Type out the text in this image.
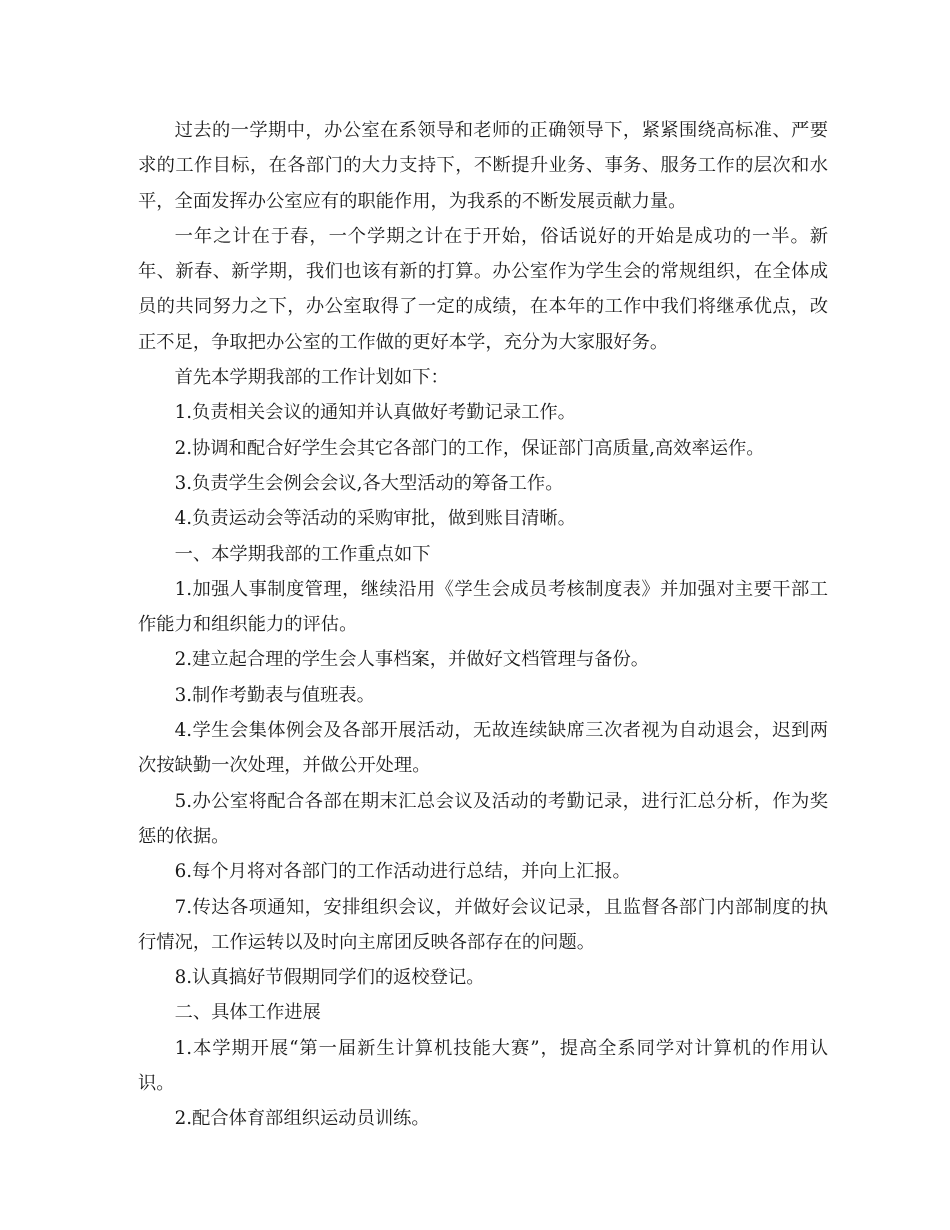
过去的一学期中，办公室在系领导和老师的正确领导下，紧紧围绕高标准、严要求的工作目标，在各部门的大力支持下，不断提升业务、事务、服务工作的层次和水平，全面发挥办公室应有的职能作用，为我系的不断发展贡献力量。

一年之计在于春，一个学期之计在于开始，俗话说好的开始是成功的一半。新年、新春、新学期，我们也该有新的打算。办公室作为学生会的常规组织，在全体成员的共同努力之下，办公室取得了一定的成绩，在本年的工作中我们将继承优点，改正不足，争取把办公室的工作做的更好本学，充分为大家服好务。

首先本学期我部的工作计划如下：

1.负责相关会议的通知并认真做好考勤记录工作。

2.协调和配合好学生会其它各部门的工作，保证部门高质量,高效率运作。

3.负责学生会例会会议,各大型活动的筹备工作。

4.负责运动会等活动的采购审批，做到账目清晰。

一、本学期我部的工作重点如下

1.加强人事制度管理，继续沿用《学生会成员考核制度表》并加强对主要干部工作能力和组织能力的评估。

2.建立起合理的学生会人事档案，并做好文档管理与备份。

3.制作考勤表与值班表。

4.学生会集体例会及各部开展活动，无故连续缺席三次者视为自动退会，迟到两次按缺勤一次处理，并做公开处理。

5.办公室将配合各部在期末汇总会议及活动的考勤记录，进行汇总分析，作为奖惩的依据。

6.每个月将对各部门的工作活动进行总结，并向上汇报。

7.传达各项通知，安排组织会议，并做好会议记录，且监督各部门内部制度的执行情况，工作运转以及时向主席团反映各部存在的问题。

8.认真搞好节假期同学们的返校登记。

二、具体工作进展

1.本学期开展“第一届新生计算机技能大赛”，提高全系同学对计算机的作用认识。

2.配合体育部组织运动员训练。
